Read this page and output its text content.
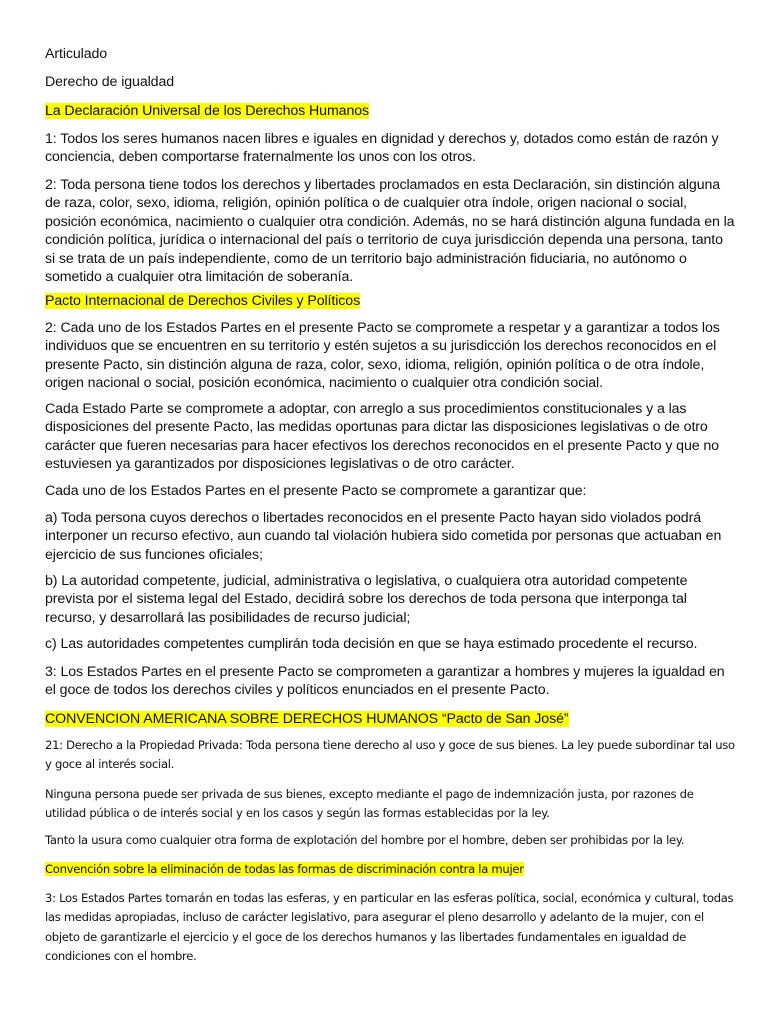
Articulado

Derecho de igualdad

La Declaración Universal de los Derechos Humanos

1: Todos los seres humanos nacen libres e iguales en dignidad y derechos y, dotados como están de razón y conciencia, deben comportarse fraternalmente los unos con los otros.

2: Toda persona tiene todos los derechos y libertades proclamados en esta Declaración, sin distinción alguna de raza, color, sexo, idioma, religión, opinión política o de cualquier otra índole, origen nacional o social, posición económica, nacimiento o cualquier otra condición. Además, no se hará distinción alguna fundada en la condición política, jurídica o internacional del país o territorio de cuya jurisdicción dependa una persona, tanto si se trata de un país independiente, como de un territorio bajo administración fiduciaria, no autónomo o sometido a cualquier otra limitación de soberanía.

Pacto Internacional de Derechos Civiles y Políticos

2: Cada uno de los Estados Partes en el presente Pacto se compromete a respetar y a garantizar a todos los individuos que se encuentren en su territorio y estén sujetos a su jurisdicción los derechos reconocidos en el presente Pacto, sin distinción alguna de raza, color, sexo, idioma, religión, opinión política o de otra índole, origen nacional o social, posición económica, nacimiento o cualquier otra condición social.

Cada Estado Parte se compromete a adoptar, con arreglo a sus procedimientos constitucionales y a las disposiciones del presente Pacto, las medidas oportunas para dictar las disposiciones legislativas o de otro carácter que fueren necesarias para hacer efectivos los derechos reconocidos en el presente Pacto y que no estuviesen ya garantizados por disposiciones legislativas o de otro carácter.

Cada uno de los Estados Partes en el presente Pacto se compromete a garantizar que:

a) Toda persona cuyos derechos o libertades reconocidos en el presente Pacto hayan sido violados podrá interponer un recurso efectivo, aun cuando tal violación hubiera sido cometida por personas que actuaban en ejercicio de sus funciones oficiales;

b) La autoridad competente, judicial, administrativa o legislativa, o cualquiera otra autoridad competente prevista por el sistema legal del Estado, decidirá sobre los derechos de toda persona que interponga tal recurso, y desarrollará las posibilidades de recurso judicial;

c) Las autoridades competentes cumplirán toda decisión en que se haya estimado procedente el recurso.

3: Los Estados Partes en el presente Pacto se comprometen a garantizar a hombres y mujeres la igualdad en el goce de todos los derechos civiles y políticos enunciados en el presente Pacto.

CONVENCION AMERICANA SOBRE DERECHOS HUMANOS “Pacto de San José”

21: Derecho a la Propiedad Privada: Toda persona tiene derecho al uso y goce de sus bienes. La ley puede subordinar tal uso y goce al interés social.

Ninguna persona puede ser privada de sus bienes, excepto mediante el pago de indemnización justa, por razones de utilidad pública o de interés social y en los casos y según las formas establecidas por la ley.

Tanto la usura como cualquier otra forma de explotación del hombre por el hombre, deben ser prohibidas por la ley.

Convención sobre la eliminación de todas las formas de discriminación contra la mujer

3: Los Estados Partes tomarán en todas las esferas, y en particular en las esferas política, social, económica y cultural, todas las medidas apropiadas, incluso de carácter legislativo, para asegurar el pleno desarrollo y adelanto de la mujer, con el objeto de garantizarle el ejercicio y el goce de los derechos humanos y las libertades fundamentales en igualdad de condiciones con el hombre.
